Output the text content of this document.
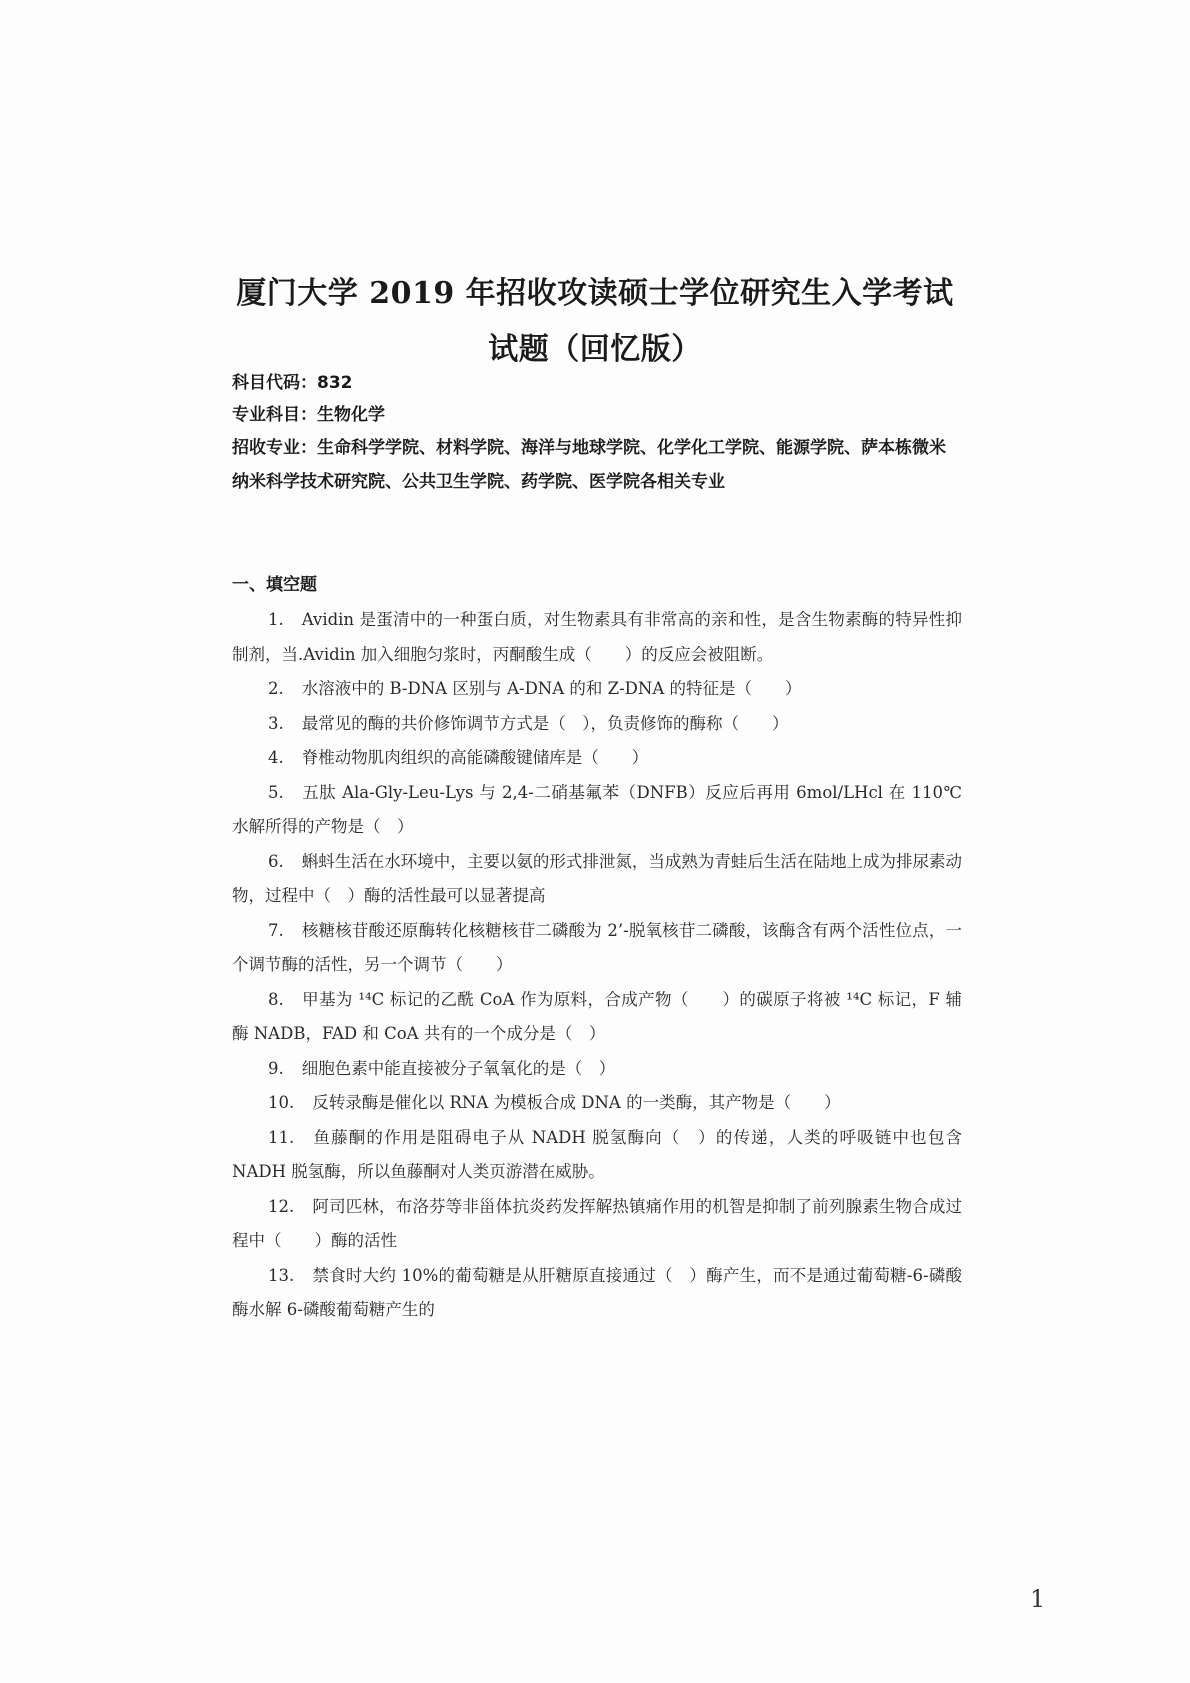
厦门大学 2019 年招收攻读硕士学位研究生入学考试
试题（回忆版）
科目代码：832
专业科目：生物化学
招收专业：生命科学学院、材料学院、海洋与地球学院、化学化工学院、能源学院、萨本栋微米纳米科学技术研究院、公共卫生学院、药学院、医学院各相关专业
一、填空题

1. Avidin 是蛋清中的一种蛋白质，对生物素具有非常高的亲和性，是含生物素酶的特异性抑制剂，当.Avidin 加入细胞匀浆时，丙酮酸生成（　　）的反应会被阻断。

2. 水溶液中的 B-DNA 区别与 A-DNA 的和 Z-DNA 的特征是（　　）

3. 最常见的酶的共价修饰调节方式是（　），负责修饰的酶称（　　）

4. 脊椎动物肌肉组织的高能磷酸键储库是（　　）

5. 五肽 Ala-Gly-Leu-Lys 与 2,4-二硝基氟苯（DNFB）反应后再用 6mol/LHcl 在 110℃水解所得的产物是（　）

6. 蝌蚪生活在水环境中，主要以氨的形式排泄氮，当成熟为青蛙后生活在陆地上成为排尿素动物，过程中（　）酶的活性最可以显著提高

7. 核糖核苷酸还原酶转化核糖核苷二磷酸为 2’-脱氧核苷二磷酸，该酶含有两个活性位点，一个调节酶的活性，另一个调节（　　）

8. 甲基为 ¹⁴C 标记的乙酰 CoA 作为原料，合成产物（　　）的碳原子将被 ¹⁴C 标记，F 辅酶 NADB，FAD 和 CoA 共有的一个成分是（　）

9. 细胞色素中能直接被分子氧氧化的是（　）

10. 反转录酶是催化以 RNA 为模板合成 DNA 的一类酶，其产物是（　　）

11. 鱼藤酮的作用是阻碍电子从 NADH 脱氢酶向（　）的传递，人类的呼吸链中也包含 NADH 脱氢酶，所以鱼藤酮对人类页游潜在威胁。

12. 阿司匹林，布洛芬等非甾体抗炎药发挥解热镇痛作用的机智是抑制了前列腺素生物合成过程中（　　）酶的活性

13. 禁食时大约 10%的葡萄糖是从肝糖原直接通过（　）酶产生，而不是通过葡萄糖-6-磷酸酶水解 6-磷酸葡萄糖产生的

1
